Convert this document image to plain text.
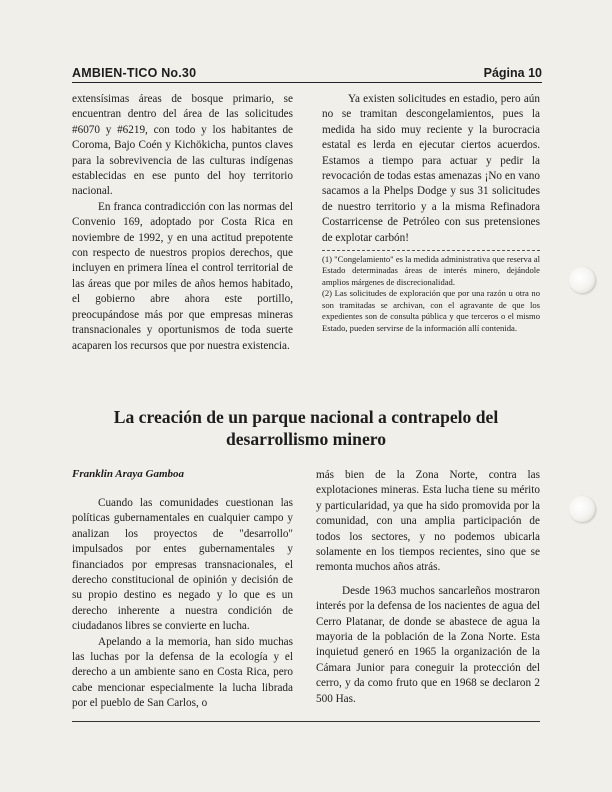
AMBIEN-TICO No.30	Página 10

extensísimas áreas de bosque primario, se encuentran dentro del área de las solicitudes #6070 y #6219, con todo y los habitantes de Coroma, Bajo Coén y Kichökicha, puntos claves para la sobrevivencia de las culturas indígenas establecidas en ese punto del hoy territorio nacional.

En franca contradicción con las normas del Convenio 169, adoptado por Costa Rica en noviembre de 1992, y en una actitud prepotente con respecto de nuestros propios derechos, que incluyen en primera línea el control territorial de las áreas que por miles de años hemos habitado, el gobierno abre ahora este portillo, preocupándose más por que empresas mineras transnacionales y oportunismos de toda suerte acaparen los recursos que por nuestra existencia.

Ya existen solicitudes en estadio, pero aún no se tramitan descongelamientos, pues la medida ha sido muy reciente y la burocracia estatal es lerda en ejecutar ciertos acuerdos. Estamos a tiempo para actuar y pedir la revocación de todas estas amenazas ¡No en vano sacamos a la Phelps Dodge y sus 31 solicitudes de nuestro territorio y a la misma Refinadora Costarricense de Petróleo con sus pretensiones de explotar carbón!

(1) "Congelamiento" es la medida administrativa que reserva al Estado determinadas áreas de interés minero, dejándole amplios márgenes de discrecionalidad.

(2) Las solicitudes de exploración que por una razón u otra no son tramitadas se archivan, con el agravante de que los expedientes son de consulta pública y que terceros o el mismo Estado, pueden servirse de la información allí contenida.

La creación de un parque nacional a contrapelo del desarrollismo minero
Franklin Araya Gamboa

Cuando las comunidades cuestionan las políticas gubernamentales en cualquier campo y analizan los proyectos de "desarrollo" impulsados por entes gubernamentales y financiados por empresas transnacionales, el derecho constitucional de opinión y decisión de su propio destino es negado y lo que es un derecho inherente a nuestra condición de ciudadanos libres se convierte en lucha.

Apelando a la memoria, han sido muchas las luchas por la defensa de la ecología y el derecho a un ambiente sano en Costa Rica, pero cabe mencionar especialmente la lucha librada por el pueblo de San Carlos, o

más bien de la Zona Norte, contra las explotaciones mineras. Esta lucha tiene su mérito y particularidad, ya que ha sido promovida por la comunidad, con una amplia participación de todos los sectores, y no podemos ubicarla solamente en los tiempos recientes, sino que se remonta muchos años atrás.

Desde 1963 muchos sancarleños mostraron interés por la defensa de los nacientes de agua del Cerro Platanar, de donde se abastece de agua la mayoria de la población de la Zona Norte. Esta inquietud generó en 1965 la organización de la Cámara Junior para coneguir la protección del cerro, y da como fruto que en 1968 se declaron 2 500 Has.
